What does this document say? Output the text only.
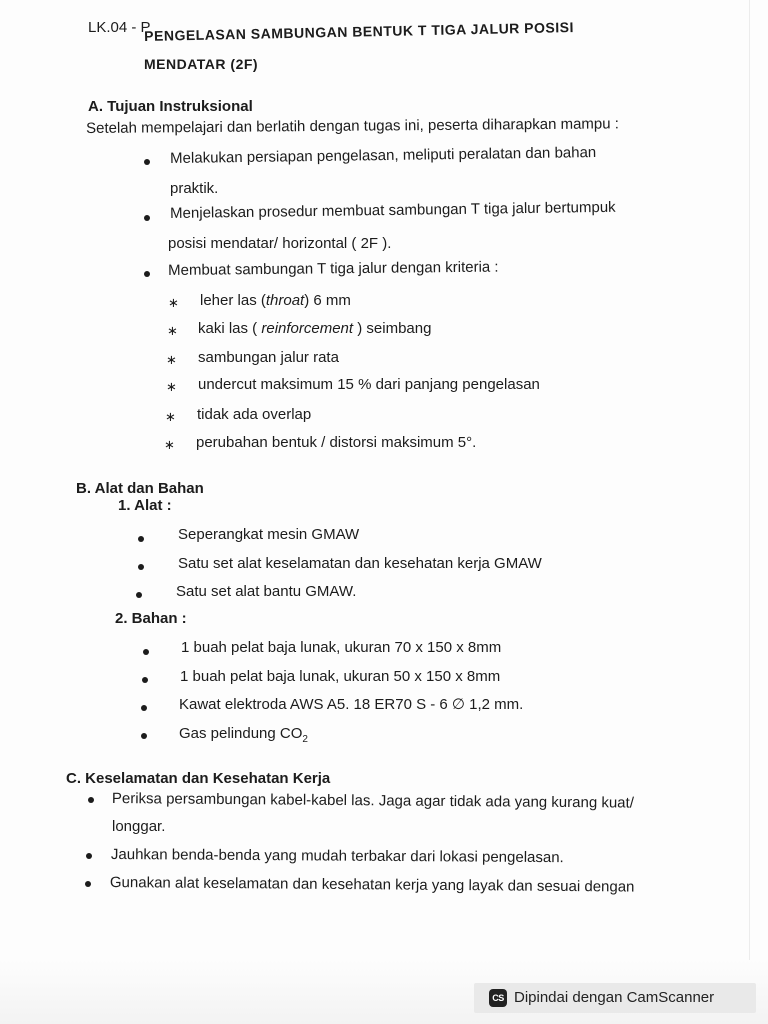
LK.04 - P
PENGELASAN SAMBUNGAN BENTUK T TIGA JALUR POSISI
MENDATAR (2F)
A. Tujuan Instruksional
Setelah mempelajari dan berlatih dengan tugas ini, peserta diharapkan mampu :
Melakukan persiapan pengelasan, meliputi peralatan dan bahan
praktik.
Menjelaskan prosedur membuat sambungan T tiga jalur bertumpuk
posisi mendatar/ horizontal ( 2F ).
Membuat sambungan T tiga jalur dengan kriteria :
∗ leher las (throat) 6 mm
∗ kaki las ( reinforcement ) seimbang
∗ sambungan jalur rata
∗ undercut maksimum 15 % dari panjang pengelasan
∗ tidak ada overlap
∗ perubahan bentuk / distorsi maksimum 5°.
B. Alat dan Bahan
1. Alat :
Seperangkat mesin GMAW
Satu set alat keselamatan dan kesehatan kerja GMAW
Satu set alat bantu GMAW.
2. Bahan :
1 buah pelat baja lunak, ukuran 70 x 150 x 8mm
1 buah pelat baja lunak, ukuran 50 x 150 x 8mm
Kawat elektroda AWS A5. 18 ER70 S - 6 ∅ 1,2 mm.
Gas pelindung $CO_2$
C. Keselamatan dan Kesehatan Kerja
Periksa persambungan kabel-kabel las. Jaga agar tidak ada yang kurang kuat/
longgar.
Jauhkan benda-benda yang mudah terbakar dari lokasi pengelasan.
Gunakan alat keselamatan dan kesehatan kerja yang layak dan sesuai dengan
CS Dipindai dengan CamScanner
